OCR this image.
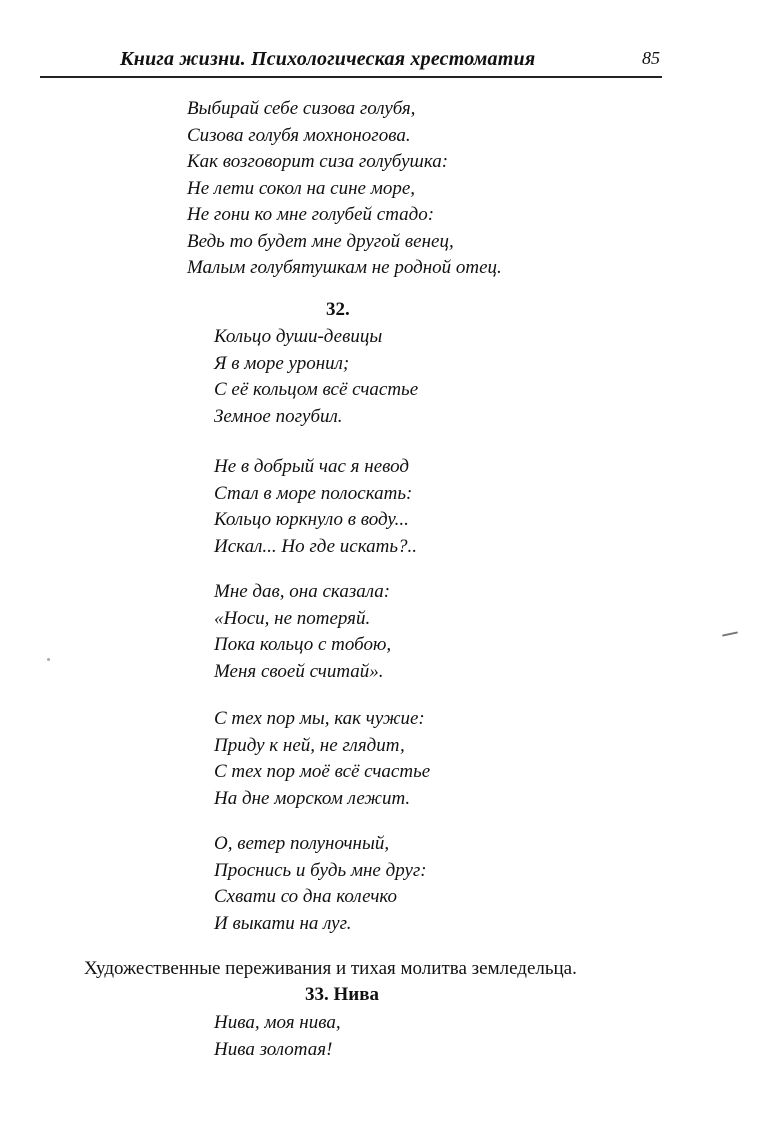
Книга жизни. Психологическая хрестоматия	85
Выбирай себе сизова голубя,
Сизова голубя мохноногова.
Как возговорит сиза голубушка:
Не лети сокол на сине море,
Не гони ко мне голубей стадо:
Ведь то будет мне другой венец,
Малым голубятушкам не родной отец.
32.
Кольцо души-девицы
Я в море уронил;
С её кольцом всё счастье
Земное погубил.
Не в добрый час я невод
Стал в море полоскать:
Кольцо юркнуло в воду...
Искал... Но где искать?..
Мне дав, она сказала:
«Носи, не потеряй.
Пока кольцо с тобою,
Меня своей считай».
С тех пор мы, как чужие:
Приду к ней, не глядит,
С тех пор моё всё счастье
На дне морском лежит.
О, ветер полуночный,
Проснись и будь мне друг:
Схвати со дна колечко
И выкати на луг.
Художественные переживания и тихая молитва земледельца.
33. Нива
Нива, моя нива,
Нива золотая!
